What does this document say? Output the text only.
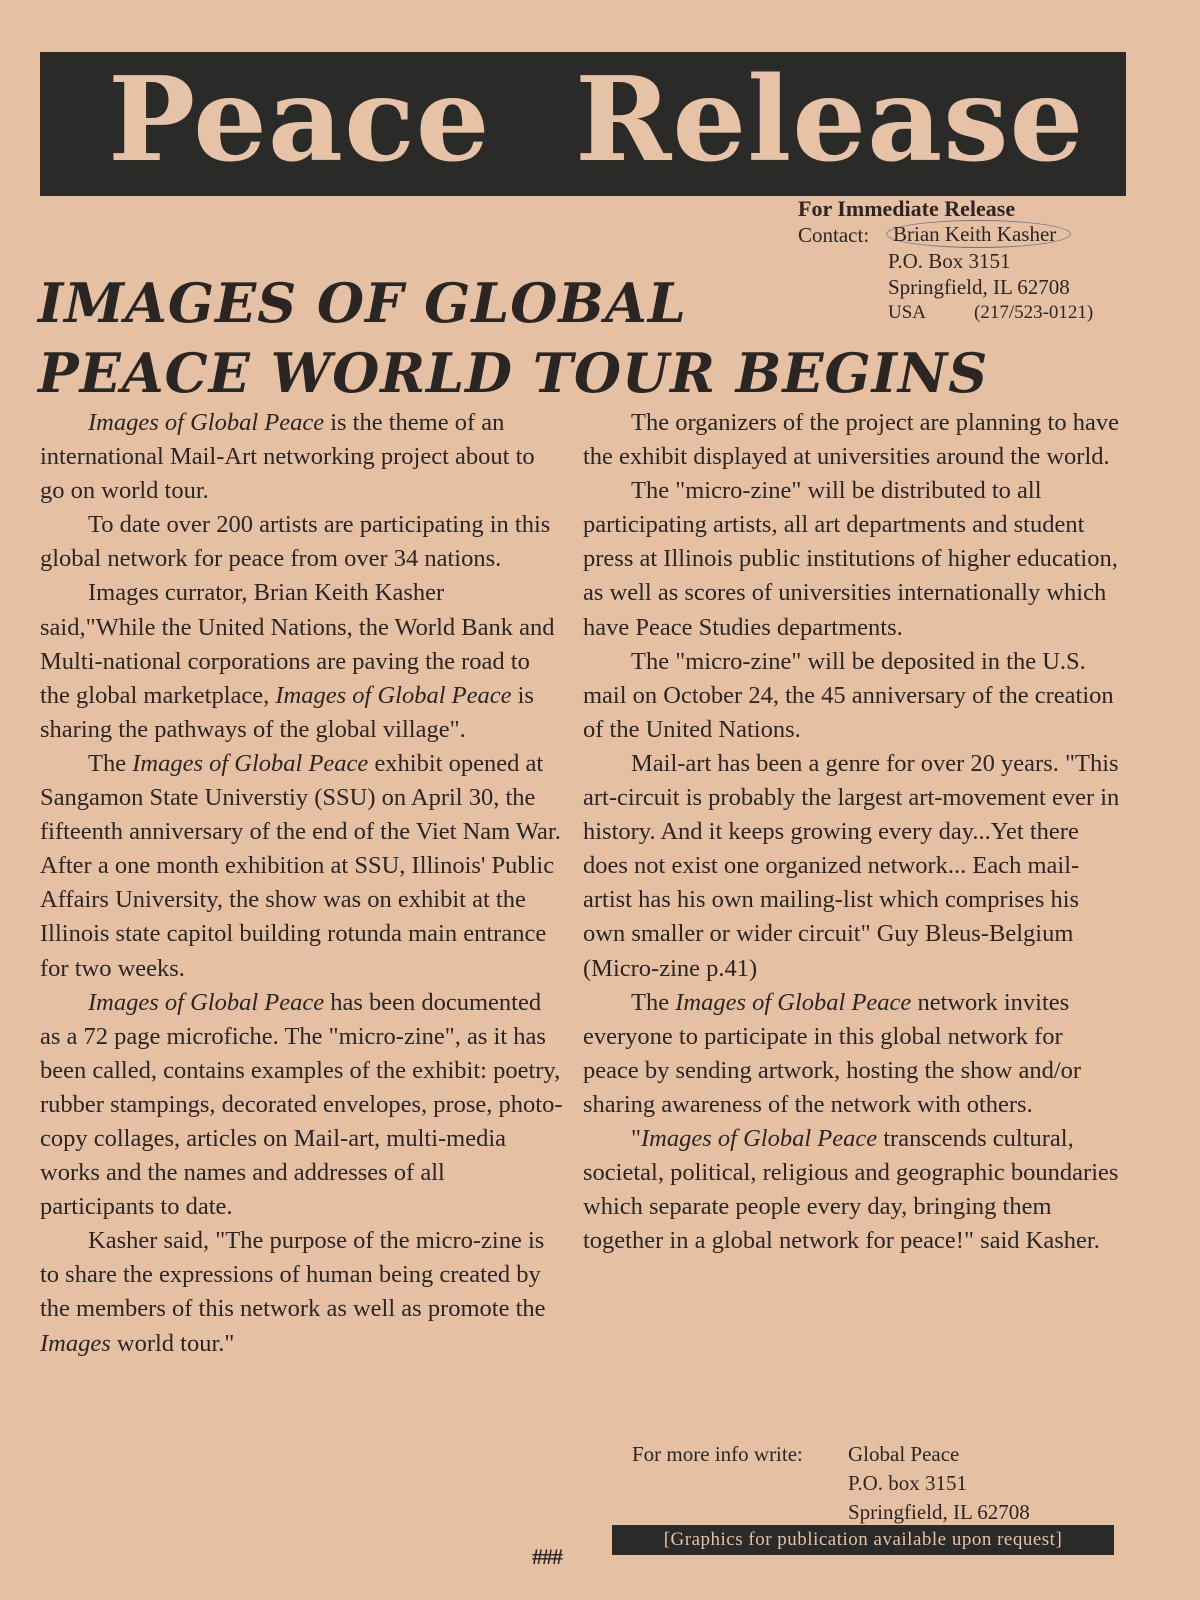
Peace Release
For Immediate Release
Contact:	Brian Keith Kasher
P.O. Box 3151
Springfield, IL 62708
USA	(217/523-0121)
IMAGES OF GLOBAL
PEACE WORLD TOUR BEGINS

Images of Global Peace is the theme of an international Mail-Art networking project about to go on world tour.

To date over 200 artists are participating in this global network for peace from over 34 nations.

Images currator, Brian Keith Kasher said,"While the United Nations, the World Bank and Multi-national corporations are paving the road to the global marketplace, Images of Global Peace is sharing the pathways of the global village".

The Images of Global Peace exhibit opened at Sangamon State Universtiy (SSU) on April 30, the fifteenth anniversary of the end of the Viet Nam War. After a one month exhibition at SSU, Illinois' Public Affairs University, the show was on exhibit at the Illinois state capitol building rotunda main entrance for two weeks.

Images of Global Peace has been documented as a 72 page microfiche. The "micro-zine", as it has been called, contains examples of the exhibit: poetry, rubber stampings, decorated envelopes, prose, photo-copy collages, articles on Mail-art, multi-media works and the names and addresses of all participants to date.

Kasher said, "The purpose of the micro-zine is to share the expressions of human being created by the members of this network as well as promote the Images world tour."

The organizers of the project are planning to have the exhibit displayed at universities around the world.

The "micro-zine" will be distributed to all participating artists, all art departments and student press at Illinois public institutions of higher education, as well as scores of universities internationally which have Peace Studies departments.

The "micro-zine" will be deposited in the U.S. mail on October 24, the 45 anniversary of the creation of the United Nations.

Mail-art has been a genre for over 20 years. "This art-circuit is probably the largest art-movement ever in history. And it keeps growing every day...Yet there does not exist one organized network... Each mail-artist has his own mailing-list which comprises his own smaller or wider circuit" Guy Bleus-Belgium (Micro-zine p.41)

The Images of Global Peace network invites everyone to participate in this global network for peace by sending artwork, hosting the show and/or sharing awareness of the network with others.

"Images of Global Peace transcends cultural, societal, political, religious and geographic boundaries which separate people every day, bringing them together in a global network for peace!" said Kasher.

For more info write: Global Peace
P.O. box 3151
Springfield, IL 62708
[Graphics for publication available upon request]
###
